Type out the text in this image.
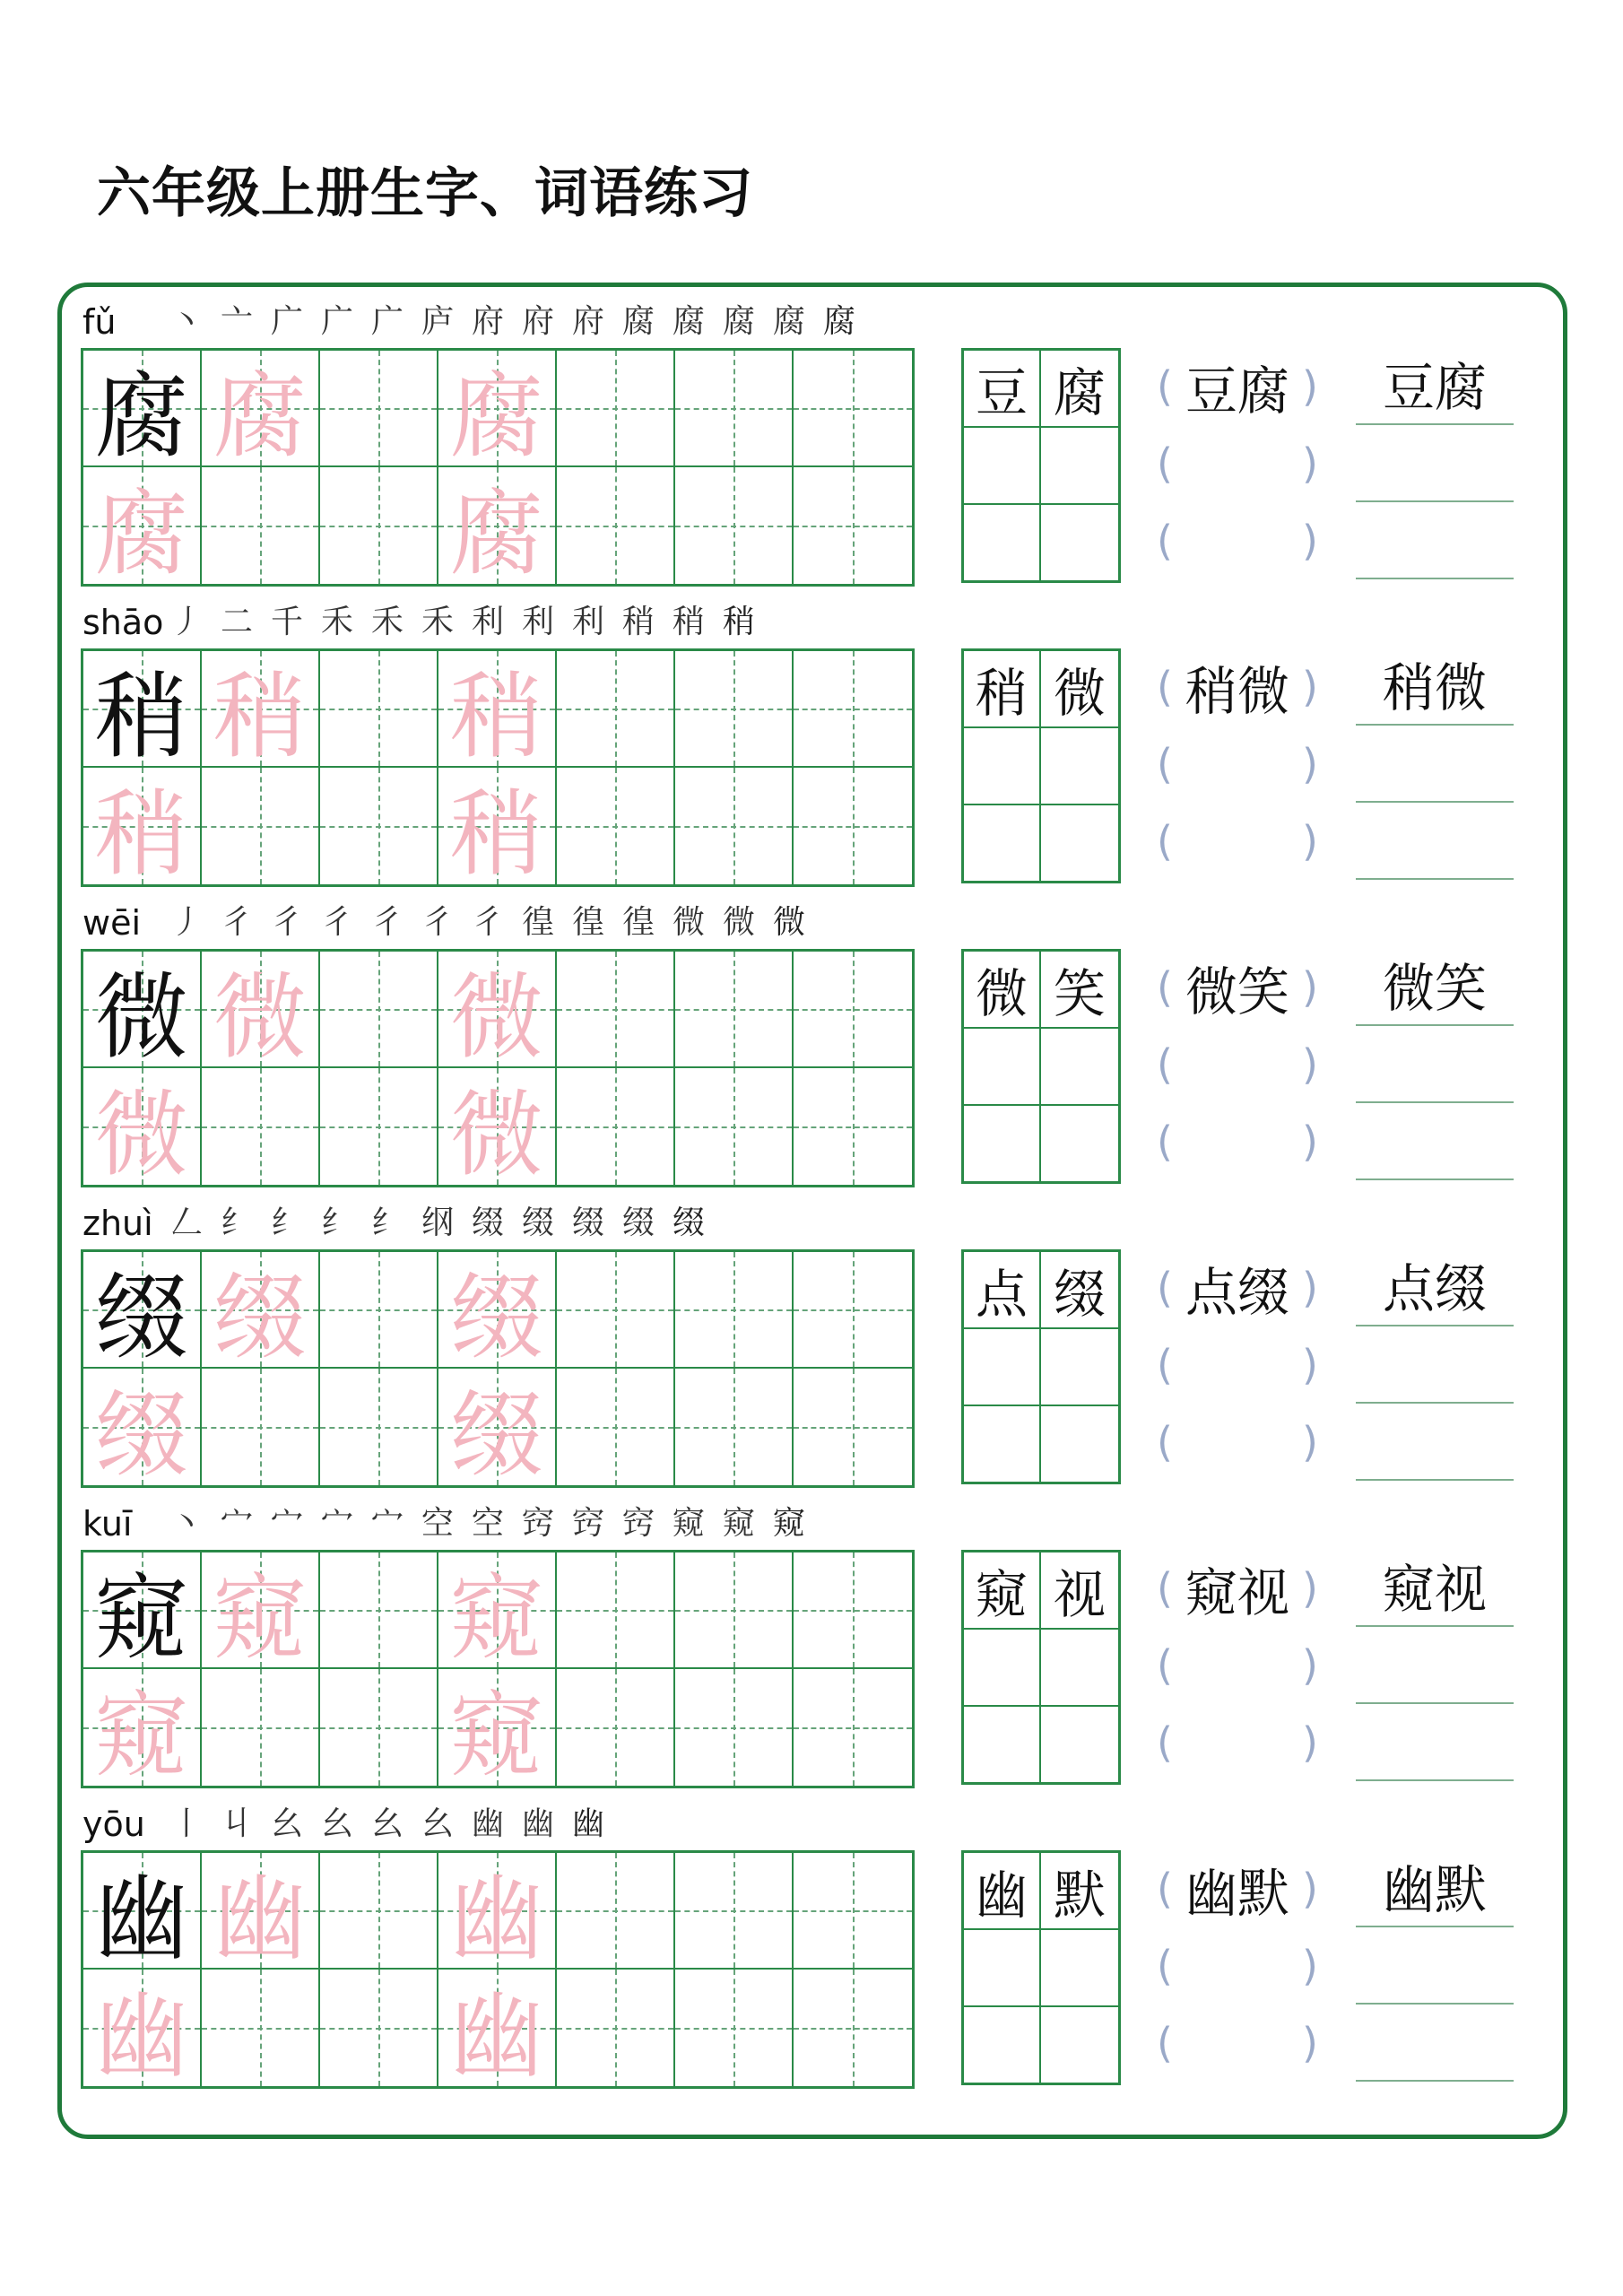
六年级上册生字、词语练习
fǔ	丶 亠 广 广 广 庐 府 府 府 腐 腐 腐 腐 腐
腐 腐 腐
腐	腐
豆 腐	( 豆腐 )
(	)
(	)
豆腐
shāo 丿 二 千 禾 禾 禾 利 利 利 稍 稍 稍
稍 稍 稍
稍	稍
稍 微	( 稍微 )
(	)
(	)
稍微
wēi 丿 彳 彳 彳 彳 彳 彳 徨 徨 徨 微 微 微
微 微 微
微	微
微 笑	( 微笑 )
(	)
(	)
微笑
zhuì 𠃋 纟 纟 纟 纟 纲 缀 缀 缀 缀 缀
缀 缀 缀
缀	缀
点 缀	( 点缀 )
(	)
(	)
点缀
kuī	丶 宀 宀 宀 宀 空 空 窍 窍 窍 窥 窥 窥
窥 窥 窥
窥	窥
窥 视	( 窥视 )
(	)
(	)
窥视
yōu 丨 丩 幺 幺 幺 幺 幽 幽 幽
幽 幽 幽
幽	幽
幽 默	( 幽默 )
(	)
(	)
幽默
